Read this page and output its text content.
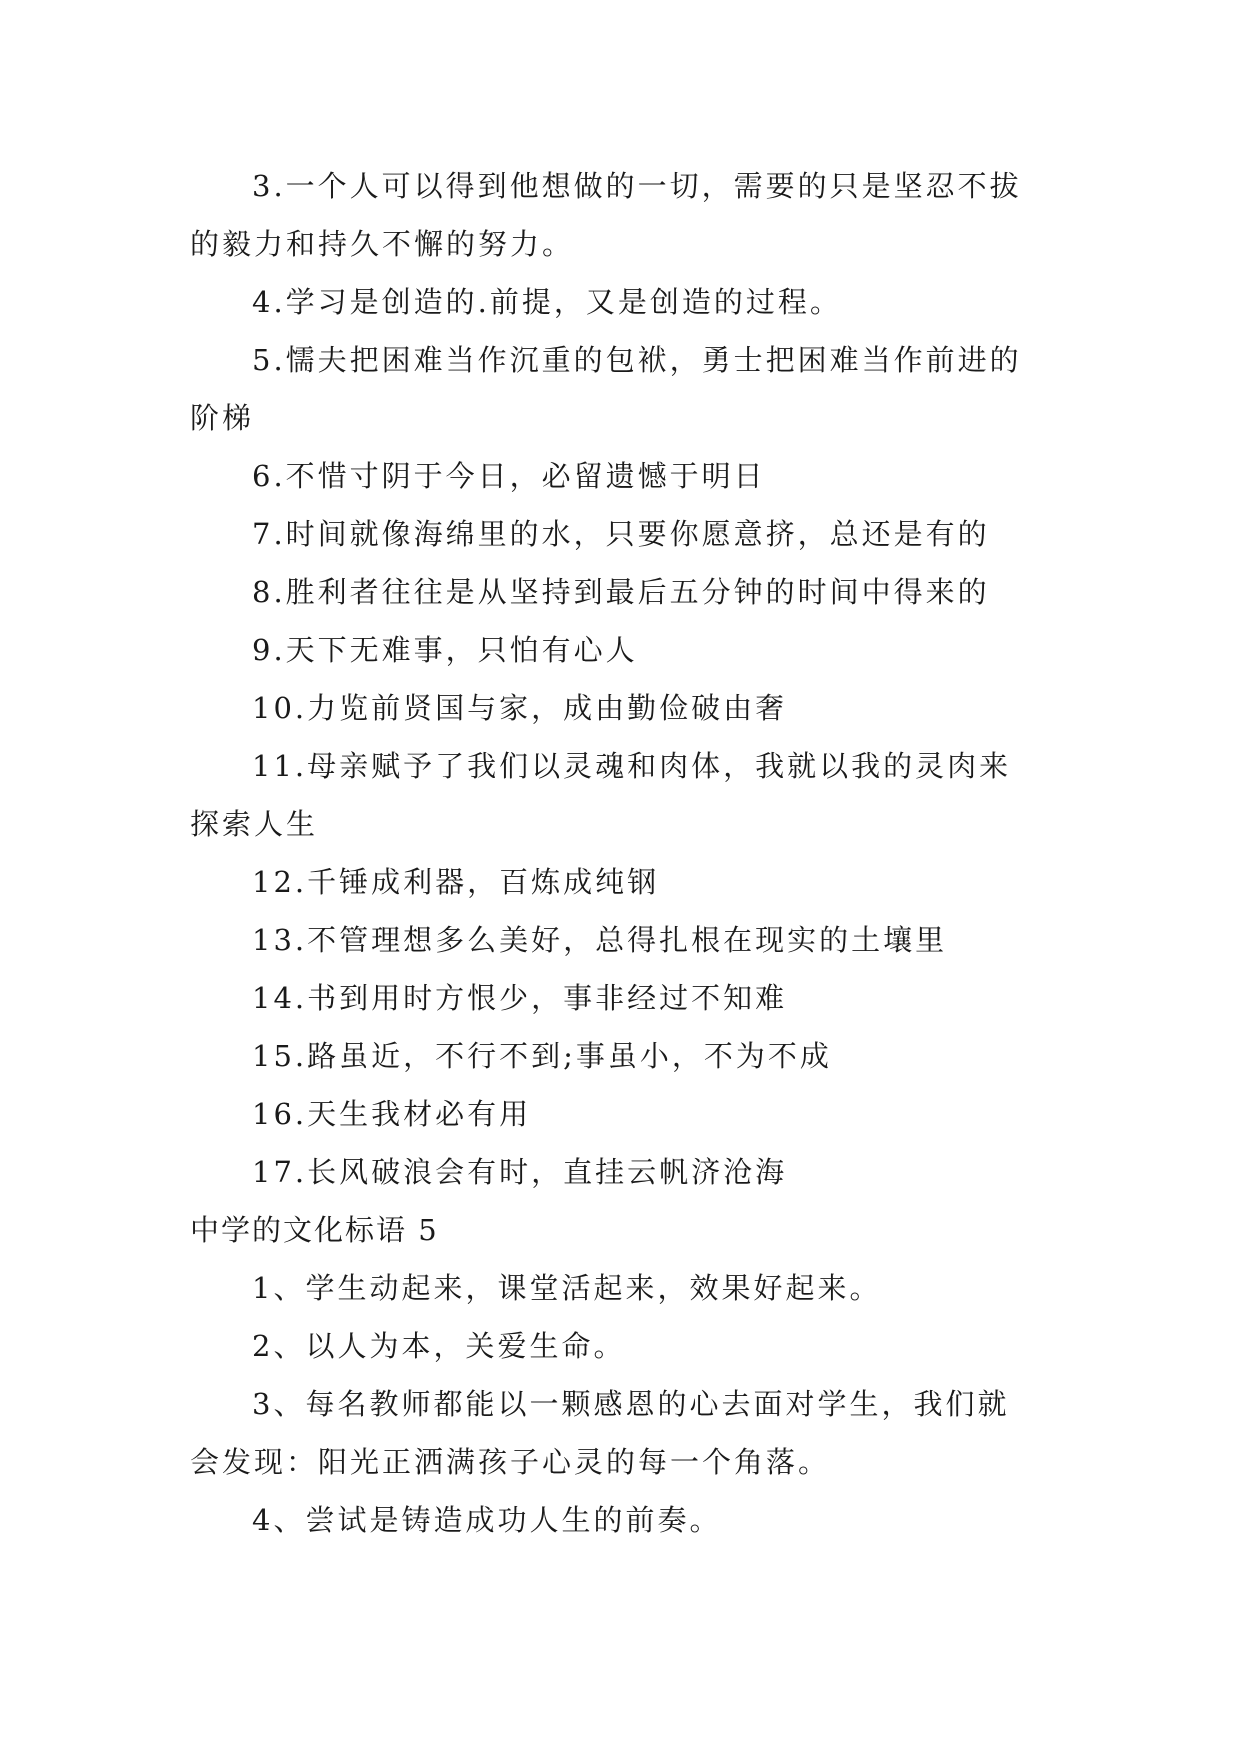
3.一个人可以得到他想做的一切，需要的只是坚忍不拔
的毅力和持久不懈的努力。
4.学习是创造的.前提，又是创造的过程。
5.懦夫把困难当作沉重的包袱，勇士把困难当作前进的
阶梯
6.不惜寸阴于今日，必留遗憾于明日
7.时间就像海绵里的水，只要你愿意挤，总还是有的
8.胜利者往往是从坚持到最后五分钟的时间中得来的
9.天下无难事，只怕有心人
10.力览前贤国与家，成由勤俭破由奢
11.母亲赋予了我们以灵魂和肉体，我就以我的灵肉来
探索人生
12.千锤成利器，百炼成纯钢
13.不管理想多么美好，总得扎根在现实的土壤里
14.书到用时方恨少，事非经过不知难
15.路虽近，不行不到;事虽小，不为不成
16.天生我材必有用
17.长风破浪会有时，直挂云帆济沧海
中学的文化标语 5
1、学生动起来，课堂活起来，效果好起来。
2、以人为本，关爱生命。
3、每名教师都能以一颗感恩的心去面对学生，我们就
会发现：阳光正洒满孩子心灵的每一个角落。
4、尝试是铸造成功人生的前奏。
